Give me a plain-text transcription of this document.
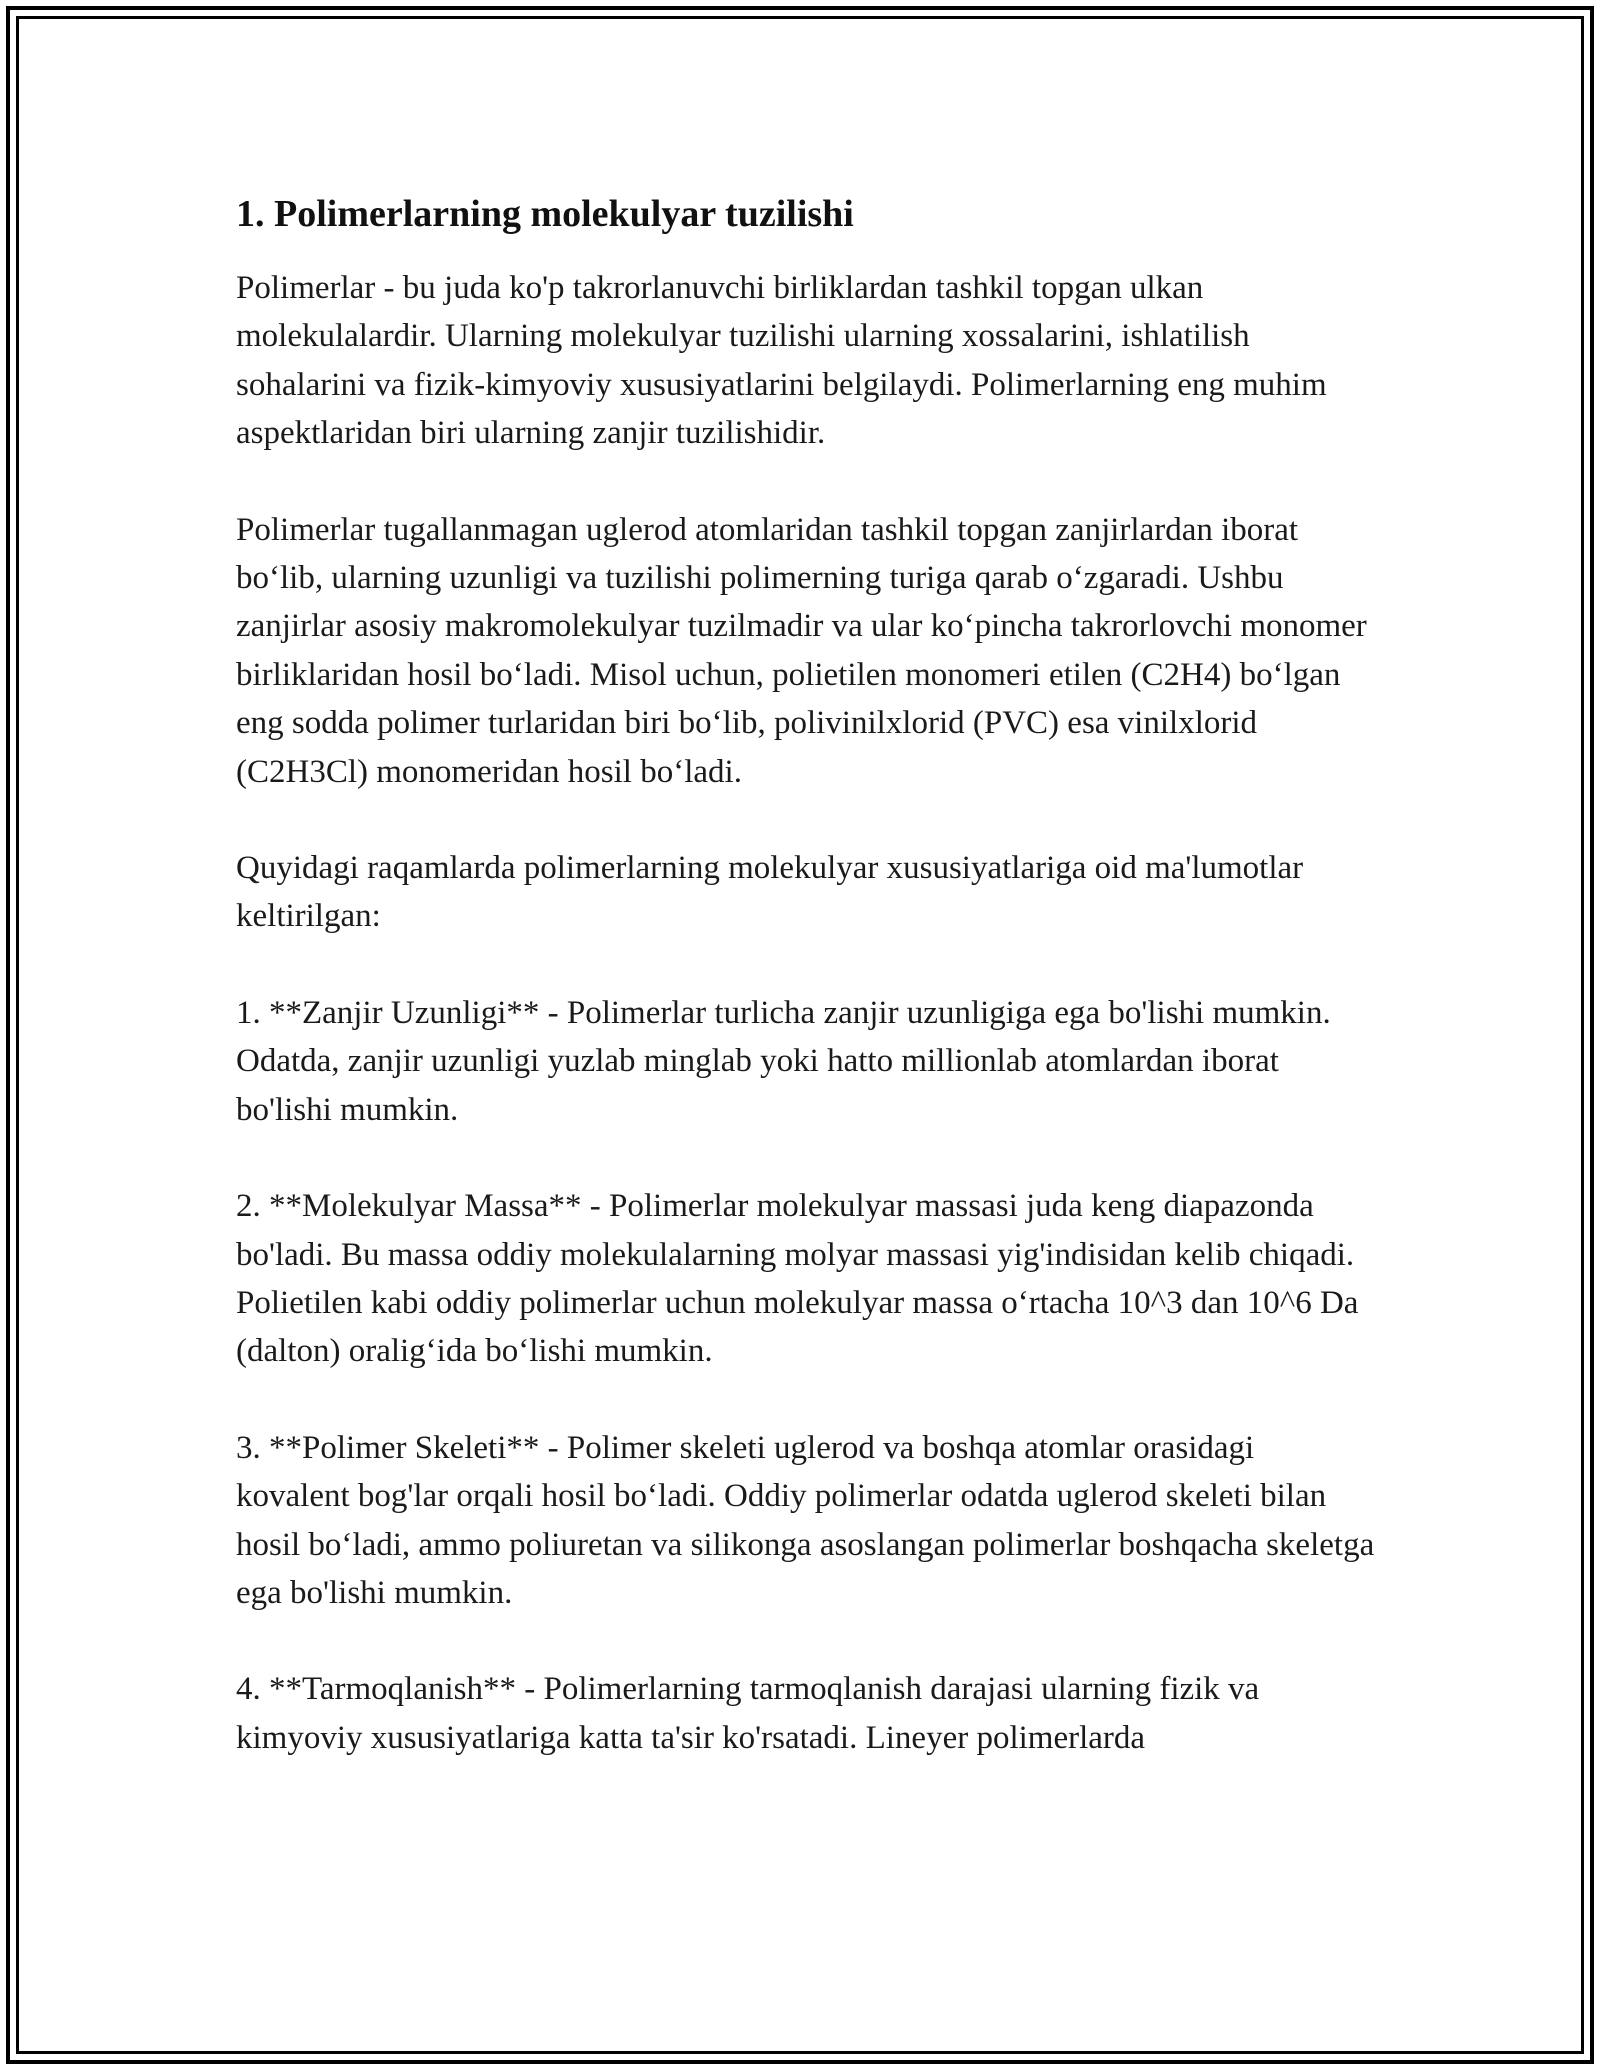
1. Polimerlarning molekulyar tuzilishi

Polimerlar - bu juda ko'p takrorlanuvchi birliklardan tashkil topgan ulkan molekulalardir. Ularning molekulyar tuzilishi ularning xossalarini, ishlatilish sohalarini va fizik-kimyoviy xususiyatlarini belgilaydi. Polimerlarning eng muhim aspektlaridan biri ularning zanjir tuzilishidir.

Polimerlar tugallanmagan uglerod atomlaridan tashkil topgan zanjirlardan iborat bo‘lib, ularning uzunligi va tuzilishi polimerning turiga qarab o‘zgaradi. Ushbu zanjirlar asosiy makromolekulyar tuzilmadir va ular ko‘pincha takrorlovchi monomer birliklaridan hosil bo‘ladi. Misol uchun, polietilen monomeri etilen (C2H4) bo‘lgan eng sodda polimer turlaridan biri bo‘lib, polivinilxlorid (PVC) esa vinilxlorid (C2H3Cl) monomeridan hosil bo‘ladi.

Quyidagi raqamlarda polimerlarning molekulyar xususiyatlariga oid ma'lumotlar keltirilgan:

1. **Zanjir Uzunligi** - Polimerlar turlicha zanjir uzunligiga ega bo'lishi mumkin. Odatda, zanjir uzunligi yuzlab minglab yoki hatto millionlab atomlardan iborat bo'lishi mumkin.

2. **Molekulyar Massa** - Polimerlar molekulyar massasi juda keng diapazonda bo'ladi. Bu massa oddiy molekulalarning molyar massasi yig'indisidan kelib chiqadi. Polietilen kabi oddiy polimerlar uchun molekulyar massa o‘rtacha 10^3 dan 10^6 Da (dalton) oralig‘ida bo‘lishi mumkin.

3. **Polimer Skeleti** - Polimer skeleti uglerod va boshqa atomlar orasidagi kovalent bog'lar orqali hosil bo‘ladi. Oddiy polimerlar odatda uglerod skeleti bilan hosil bo‘ladi, ammo poliuretan va silikonga asoslangan polimerlar boshqacha skeletga ega bo'lishi mumkin.

4. **Tarmoqlanish** - Polimerlarning tarmoqlanish darajasi ularning fizik va kimyoviy xususiyatlariga katta ta'sir ko'rsatadi. Lineyer polimerlarda
